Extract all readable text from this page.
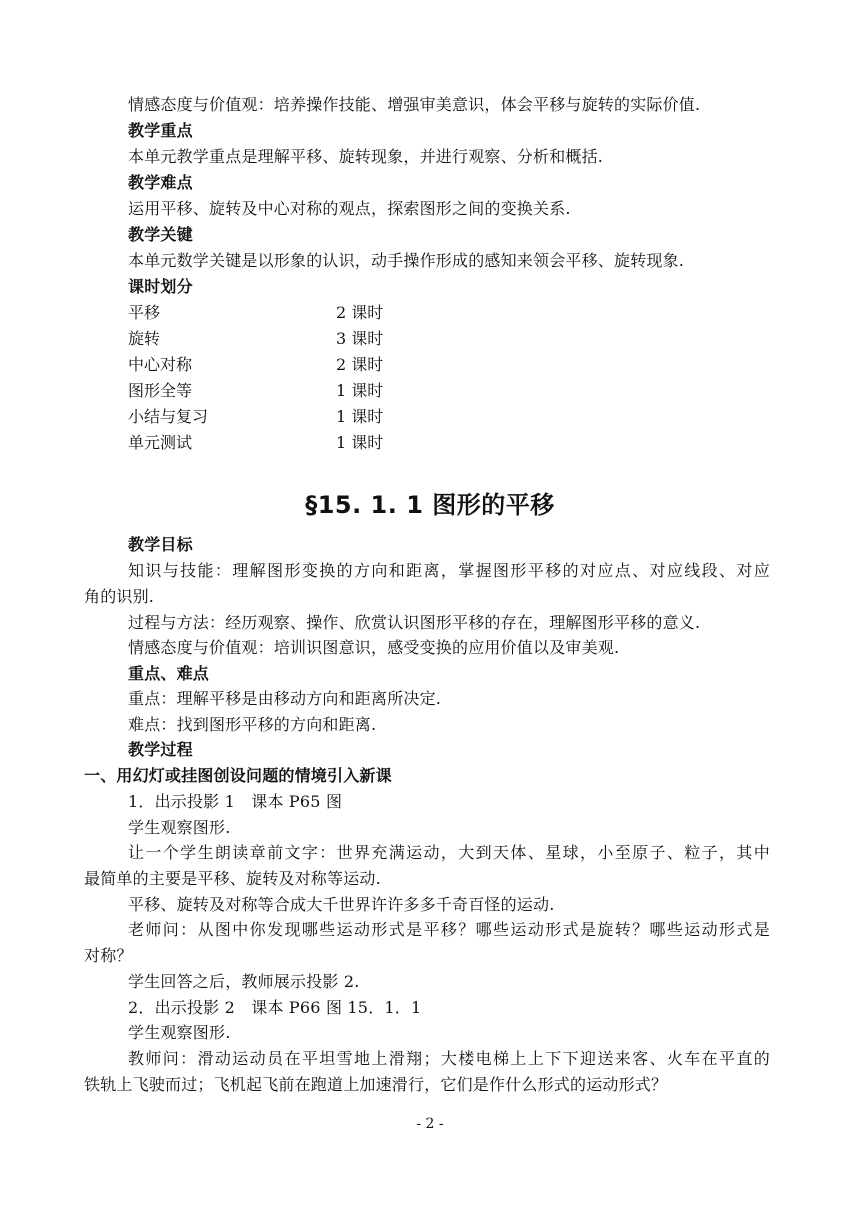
情感态度与价值观：培养操作技能、增强审美意识，体会平移与旋转的实际价值.
教学重点
本单元教学重点是理解平移、旋转现象，并进行观察、分析和概括.
教学难点
运用平移、旋转及中心对称的观点，探索图形之间的变换关系.
教学关键
本单元数学关键是以形象的认识，动手操作形成的感知来领会平移、旋转现象.
课时划分
平移	2 课时
旋转	3 课时
中心对称	2 课时
图形全等	1 课时
小结与复习	1 课时
单元测试	1 课时
§15. 1. 1 图形的平移
教学目标
知识与技能：理解图形变换的方向和距离，掌握图形平移的对应点、对应线段、对应
角的识别.
过程与方法：经历观察、操作、欣赏认识图形平移的存在，理解图形平移的意义.
情感态度与价值观：培训识图意识，感受变换的应用价值以及审美观.
重点、难点
重点：理解平移是由移动方向和距离所决定.
难点：找到图形平移的方向和距离.
教学过程
一、用幻灯或挂图创设问题的情境引入新课
1．出示投影 1　课本 P65 图
学生观察图形.
让一个学生朗读章前文字：世界充满运动，大到天体、星球，小至原子、粒子，其中
最简单的主要是平移、旋转及对称等运动.
平移、旋转及对称等合成大千世界许许多多千奇百怪的运动.
老师问：从图中你发现哪些运动形式是平移？哪些运动形式是旋转？哪些运动形式是
对称？
学生回答之后，教师展示投影 2.
2．出示投影 2　课本 P66 图 15．1．1
学生观察图形.
教师问：滑动运动员在平坦雪地上滑翔；大楼电梯上上下下迎送来客、火车在平直的
铁轨上飞驶而过；飞机起飞前在跑道上加速滑行，它们是作什么形式的运动形式？
- 2 -
